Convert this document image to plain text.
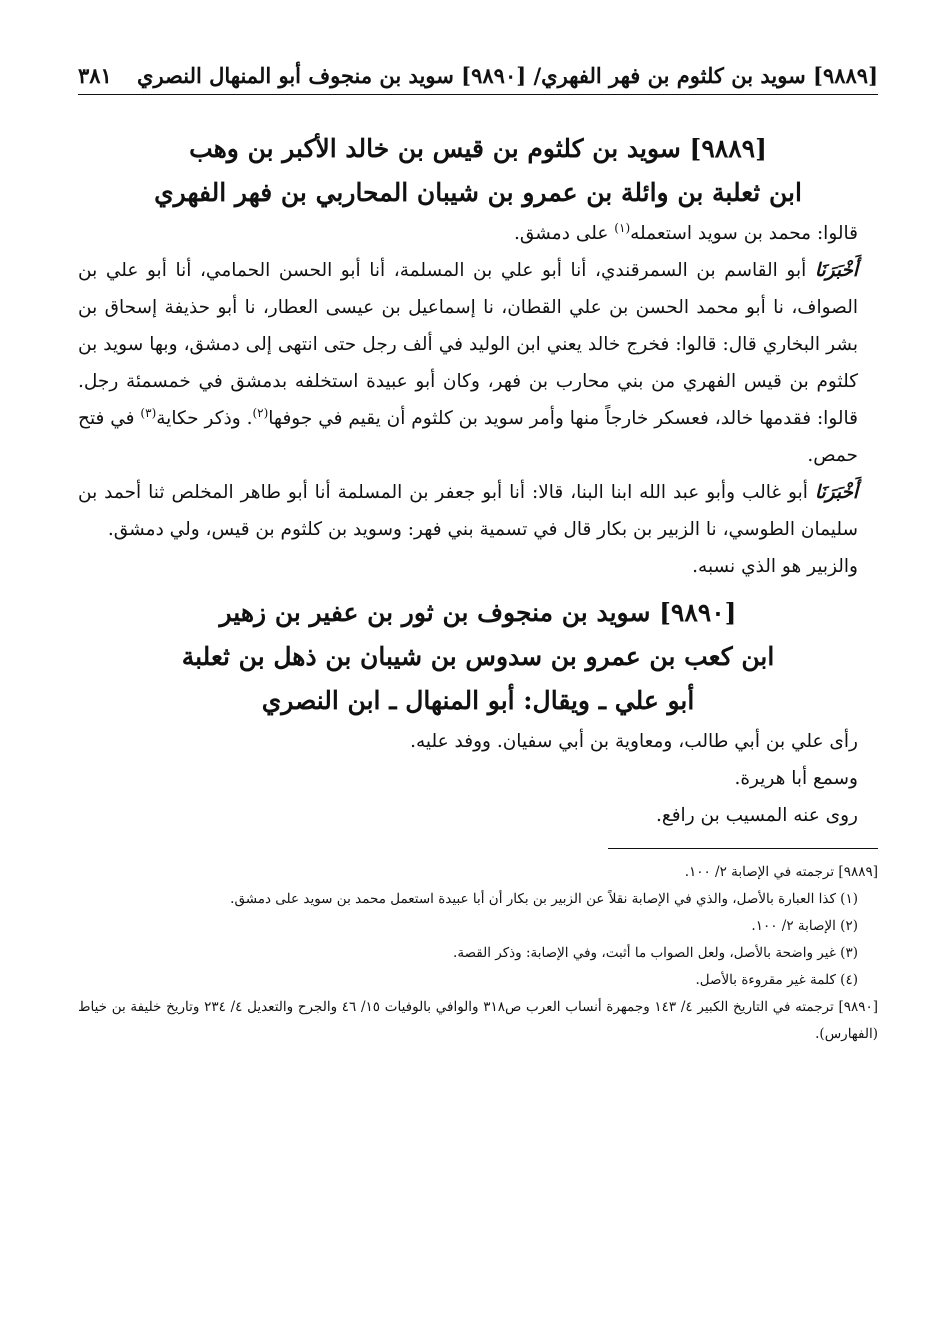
[٩٨٨٩] سويد بن كلثوم بن فهر الفهري/ [٩٨٩٠] سويد بن منجوف أبو المنهال النصري
٣٨١
[٩٨٨٩] سويد بن كلثوم بن قيس بن خالد الأكبر بن وهب
ابن ثعلبة بن وائلة بن عمرو بن شيبان المحاربي بن فهر الفهري

قالوا: محمد بن سويد استعمله$^{(١)}$ على دمشق.

أَخْبَرَنَا أبو القاسم بن السمرقندي، أنا أبو علي بن المسلمة، أنا أبو الحسن الحمامي، أنا أبو علي بن الصواف، نا أبو محمد الحسن بن علي القطان، نا إسماعيل بن عيسى العطار، نا أبو حذيفة إسحاق بن بشر البخاري قال: قالوا: فخرج خالد يعني ابن الوليد في ألف رجل حتى انتهى إلى دمشق، وبها سويد بن كلثوم بن قيس الفهري من بني محارب بن فهر، وكان أبو عبيدة استخلفه بدمشق في خمسمئة رجل. قالوا: فقدمها خالد، فعسكر خارجاً منها وأمر سويد بن كلثوم أن يقيم في جوفها$^{(٢)}$. وذكر حكاية$^{(٣)}$ في فتح حمص.

أَخْبَرَنَا أبو غالب وأبو عبد الله ابنا البنا، قالا: أنا أبو جعفر بن المسلمة أنا أبو طاهر المخلص ثنا أحمد بن سليمان الطوسي، نا الزبير بن بكار قال في تسمية بني فهر: وسويد بن كلثوم بن قيس، ولي دمشق.

والزبير هو الذي نسبه.

[٩٨٩٠] سويد بن منجوف بن ثور بن عفير بن زهير
ابن كعب بن عمرو بن سدوس بن شيبان بن ذهل بن ثعلبة
أبو علي ـ ويقال: أبو المنهال ـ ابن النصري

رأى علي بن أبي طالب، ومعاوية بن أبي سفيان. ووفد عليه.

وسمع أبا هريرة.

روى عنه المسيب بن رافع.

[٩٨٨٩] ترجمته في الإصابة ٢/ ١٠٠.
(١) كذا العبارة بالأصل، والذي في الإصابة نقلاً عن الزبير بن بكار أن أبا عبيدة استعمل محمد بن سويد على دمشق.
(٢) الإصابة ٢/ ١٠٠.
(٣) غير واضحة بالأصل، ولعل الصواب ما أثبت، وفي الإصابة: وذكر القصة.
(٤) كلمة غير مقروءة بالأصل.
[٩٨٩٠] ترجمته في التاريخ الكبير ٤/ ١٤٣ وجمهرة أنساب العرب ص٣١٨ والوافي بالوفيات ١٥/ ٤٦ والجرح والتعديل ٤/ ٢٣٤ وتاريخ خليفة بن خياط (الفهارس).
